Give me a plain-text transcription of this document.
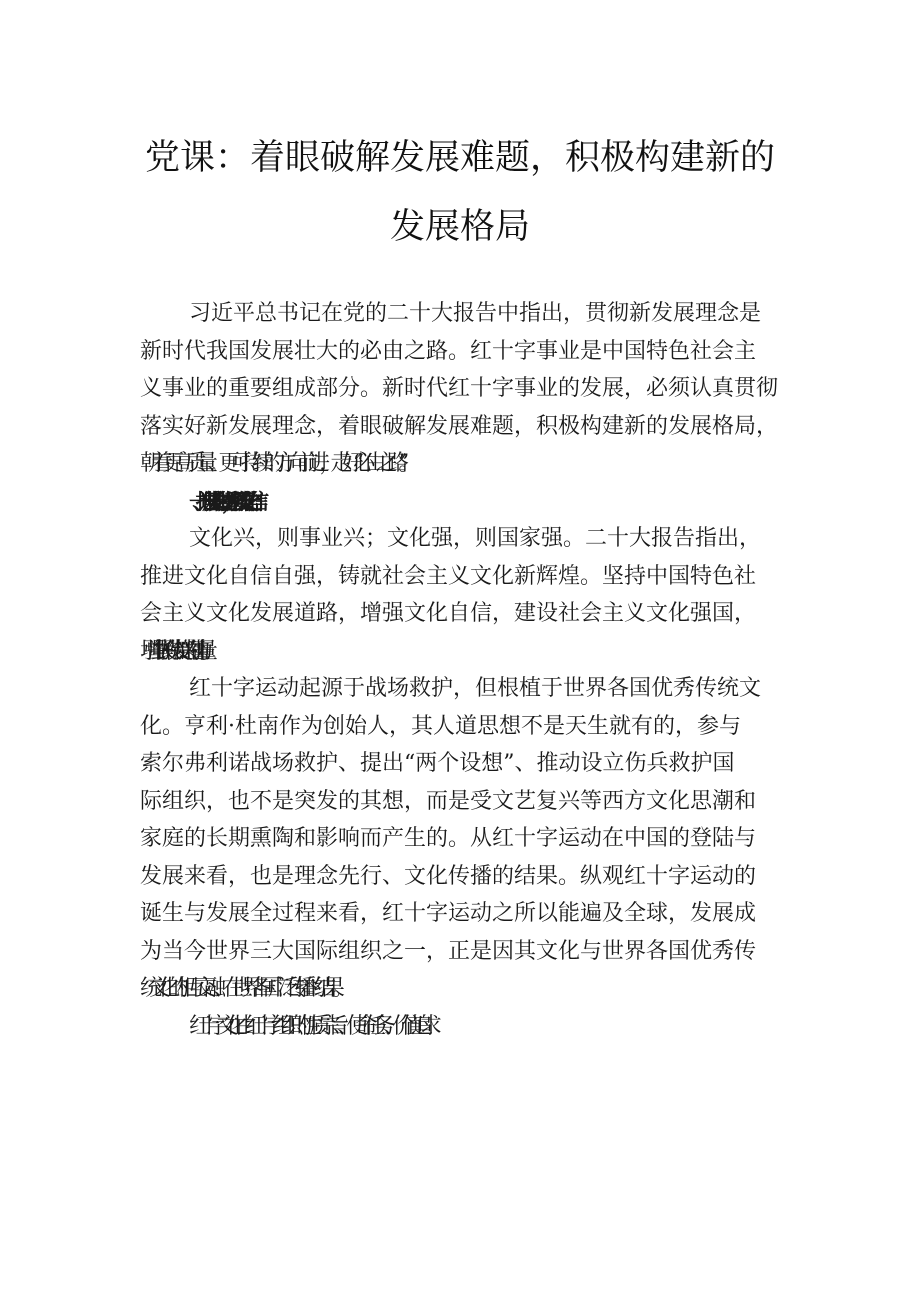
党课：着眼破解发展难题，积极构建新的
发展格局
习近平总书记在党的二十大报告中指出，贯彻新发展理念是
新时代我国发展壮大的必由之路。红十字事业是中国特色社会主
义事业的重要组成部分。新时代红十字事业的发展，必须认真贯彻
落实好新发展理念，着眼破解发展难题，积极构建新的发展格局，
朝着更高质量、更可持续的方向前进，走好“必由之路”。
一、推进历史文化传播，增强历史文化自信
文化兴，则事业兴；文化强，则国家强。二十大报告指出，
推进文化自信自强，铸就社会主义文化新辉煌。坚持中国特色社
会主义文化发展道路，增强文化自信，建设社会主义文化强国，
增强中华民族伟大复兴的精神力量。
红十字运动起源于战场救护，但根植于世界各国优秀传统文
化。亨利·杜南作为创始人，其人道思想不是天生就有的，参与
索尔弗利诺战场救护、提出“两个设想”、推动设立伤兵救护国
际组织，也不是突发的其想，而是受文艺复兴等西方文化思潮和
家庭的长期熏陶和影响而产生的。从红十字运动在中国的登陆与
发展来看，也是理念先行、文化传播的结果。纵观红十字运动的
诞生与发展全过程来看，红十字运动之所以能遍及全球，发展成
为当今世界三大国际组织之一，正是因其文化与世界各国优秀传
统文化的相互交融、在世界各国广泛传播的结果。
红十字文化由红十字组织的性质宗旨、使命任务、价值追求
